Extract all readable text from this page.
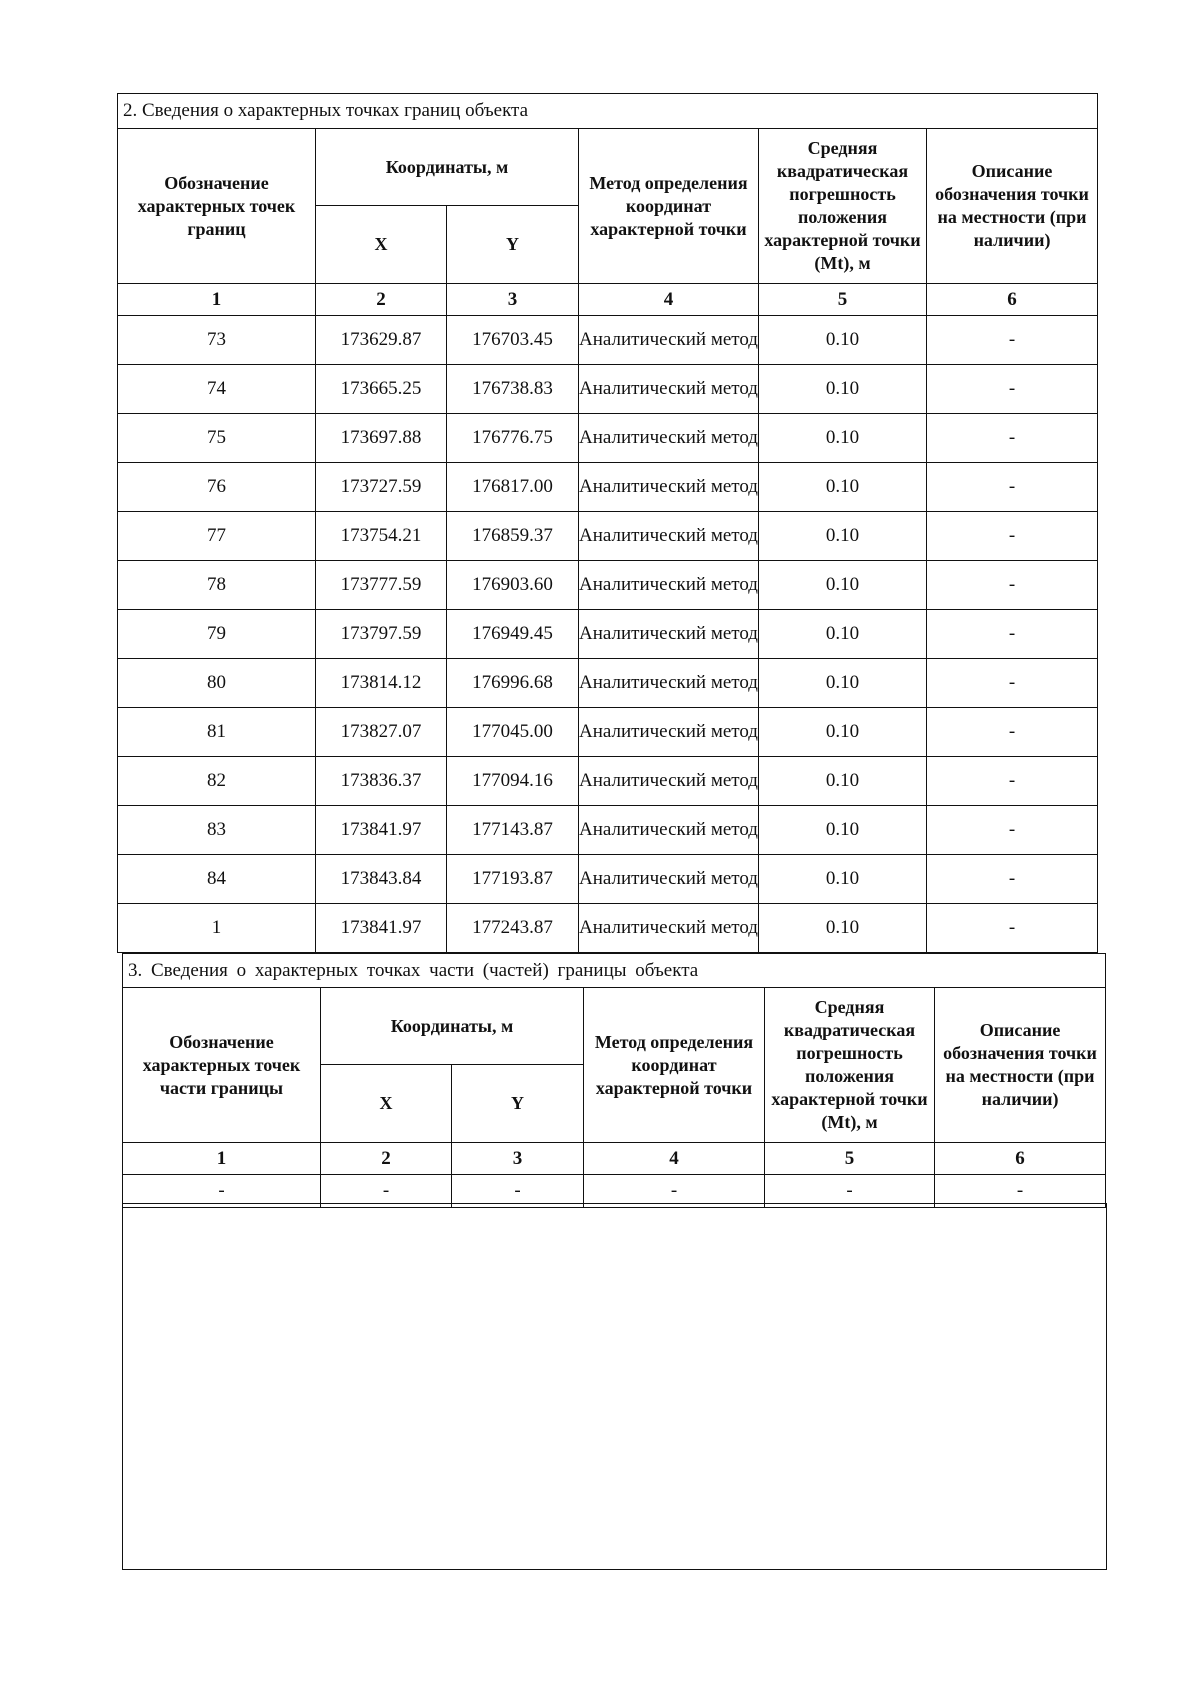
2. Сведения о характерных точках границ объекта					
Обозначение характерных точек границ	Координаты, м		Метод определения координат характерной точки	Средняя квадратическая погрешность положения характерной точки (Mt), м	Описание обозначения точки на местности (при наличии)
	X	Y			
1	2	3	4	5	6
73	173629.87	176703.45	Аналитический метод	0.10	-
74	173665.25	176738.83	Аналитический метод	0.10	-
75	173697.88	176776.75	Аналитический метод	0.10	-
76	173727.59	176817.00	Аналитический метод	0.10	-
77	173754.21	176859.37	Аналитический метод	0.10	-
78	173777.59	176903.60	Аналитический метод	0.10	-
79	173797.59	176949.45	Аналитический метод	0.10	-
80	173814.12	176996.68	Аналитический метод	0.10	-
81	173827.07	177045.00	Аналитический метод	0.10	-
82	173836.37	177094.16	Аналитический метод	0.10	-
83	173841.97	177143.87	Аналитический метод	0.10	-
84	173843.84	177193.87	Аналитический метод	0.10	-
1	173841.97	177243.87	Аналитический метод	0.10	-
3. Сведения о характерных точках части (частей) границы объекта					
Обозначение характерных точек части границы	Координаты, м		Метод определения координат характерной точки	Средняя квадратическая погрешность положения характерной точки (Mt), м	Описание обозначения точки на местности (при наличии)
	X	Y			
1	2	3	4	5	6
-	-	-	-	-	-
